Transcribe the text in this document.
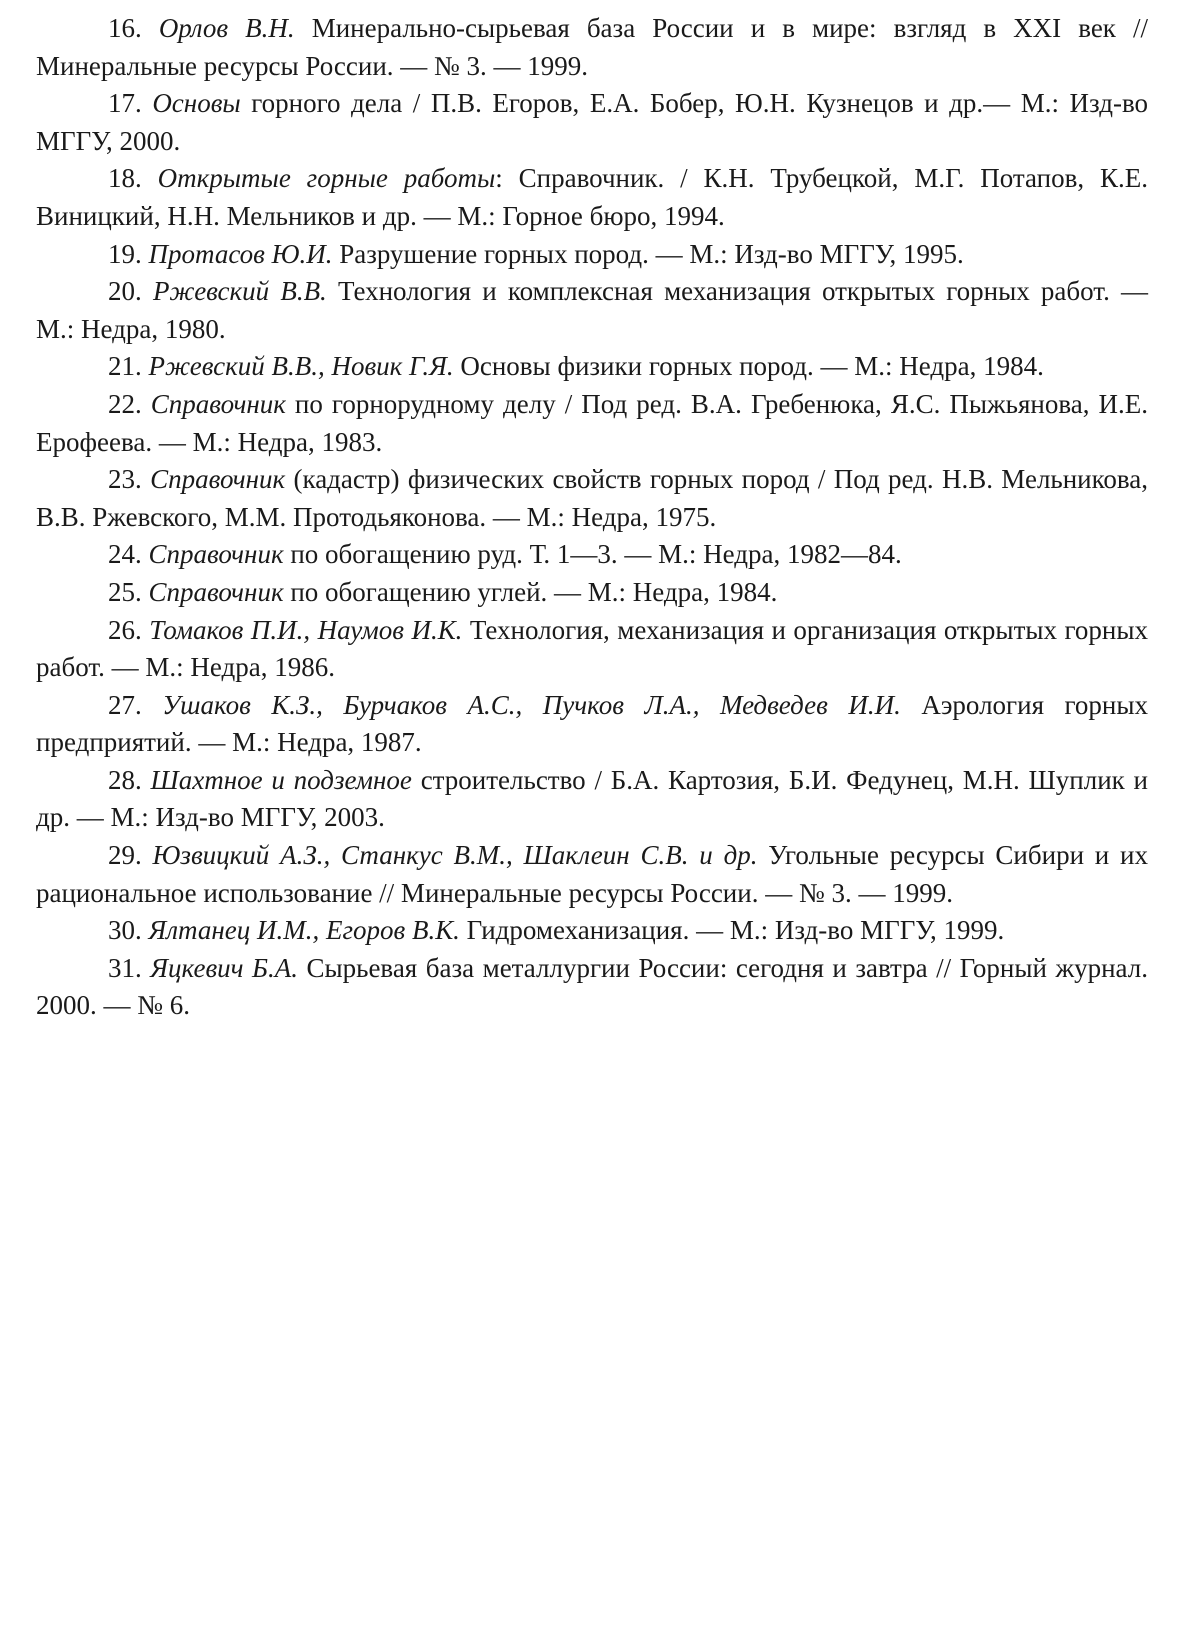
16. Орлов В.Н. Минерально-сырьевая база России и в мире: взгляд в XXI век // Минеральные ресурсы России. — № 3. — 1999.

17. Основы горного дела / П.В. Егоров, Е.А. Бобер, Ю.Н. Кузнецов и др.— М.: Изд-во МГГУ, 2000.

18. Открытые горные работы: Справочник. / К.Н. Трубецкой, М.Г. Потапов, К.Е. Виницкий, Н.Н. Мельников и др. — М.: Горное бюро, 1994.

19. Протасов Ю.И. Разрушение горных пород. — М.: Изд-во МГГУ, 1995.

20. Ржевский В.В. Технология и комплексная механизация открытых горных работ. — М.: Недра, 1980.

21. Ржевский В.В., Новик Г.Я. Основы физики горных пород. — М.: Недра, 1984.

22. Справочник по горнорудному делу / Под ред. В.А. Гребенюка, Я.С. Пыжьянова, И.Е. Ерофеева. — М.: Недра, 1983.

23. Справочник (кадастр) физических свойств горных пород / Под ред. Н.В. Мельникова, В.В. Ржевского, М.М. Протодьяконова. — М.: Недра, 1975.

24. Справочник по обогащению руд. Т. 1—3. — М.: Недра, 1982—84.

25. Справочник по обогащению углей. — М.: Недра, 1984.

26. Томаков П.И., Наумов И.К. Технология, механизация и организация открытых горных работ. — М.: Недра, 1986.

27. Ушаков К.З., Бурчаков А.С., Пучков Л.А., Медведев И.И. Аэрология горных предприятий. — М.: Недра, 1987.

28. Шахтное и подземное строительство / Б.А. Картозия, Б.И. Федунец, М.Н. Шуплик и др. — М.: Изд-во МГГУ, 2003.

29. Юзвицкий А.З., Станкус В.М., Шаклеин С.В. и др. Угольные ресурсы Сибири и их рациональное использование // Минеральные ресурсы России. — № 3. — 1999.

30. Ялтанец И.М., Егоров В.К. Гидромеханизация. — М.: Изд-во МГГУ, 1999.

31. Яцкевич Б.А. Сырьевая база металлургии России: сегодня и завтра // Горный журнал. 2000. — № 6.
